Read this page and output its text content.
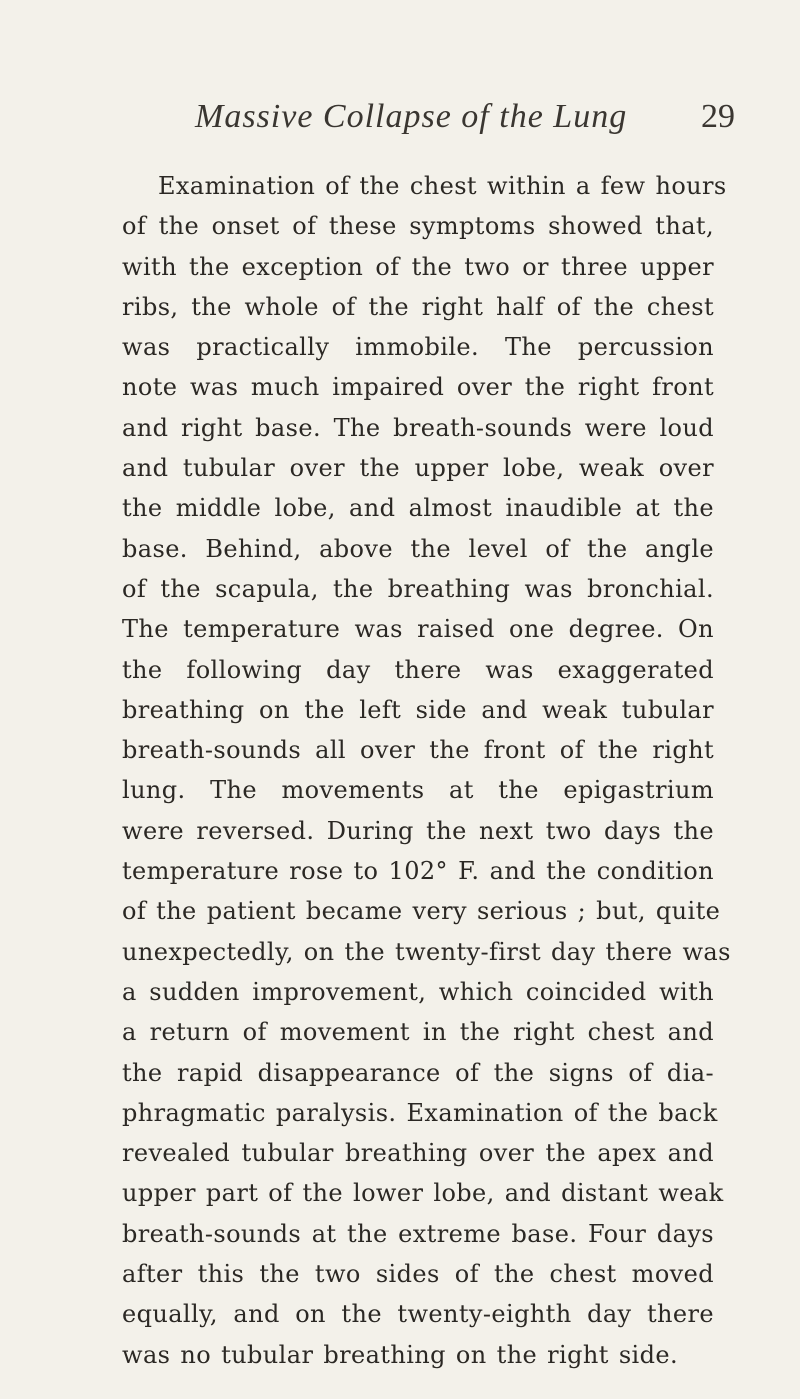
Massive Collapse of the Lung 29
Examination of the chest within a few hours
of the onset of these symptoms showed that,
with the exception of the two or three upper
ribs, the whole of the right half of the chest
was practically immobile. The percussion
note was much impaired over the right front
and right base. The breath-sounds were loud
and tubular over the upper lobe, weak over
the middle lobe, and almost inaudible at the
base. Behind, above the level of the angle
of the scapula, the breathing was bronchial.
The temperature was raised one degree. On
the following day there was exaggerated
breathing on the left side and weak tubular
breath-sounds all over the front of the right
lung. The movements at the epigastrium
were reversed. During the next two days the
temperature rose to 102° F. and the condition
of the patient became very serious ; but, quite
unexpectedly, on the twenty-first day there was
a sudden improvement, which coincided with
a return of movement in the right chest and
the rapid disappearance of the signs of dia-
phragmatic paralysis. Examination of the back
revealed tubular breathing over the apex and
upper part of the lower lobe, and distant weak
breath-sounds at the extreme base. Four days
after this the two sides of the chest moved
equally, and on the twenty-eighth day there
was no tubular breathing on the right side.
